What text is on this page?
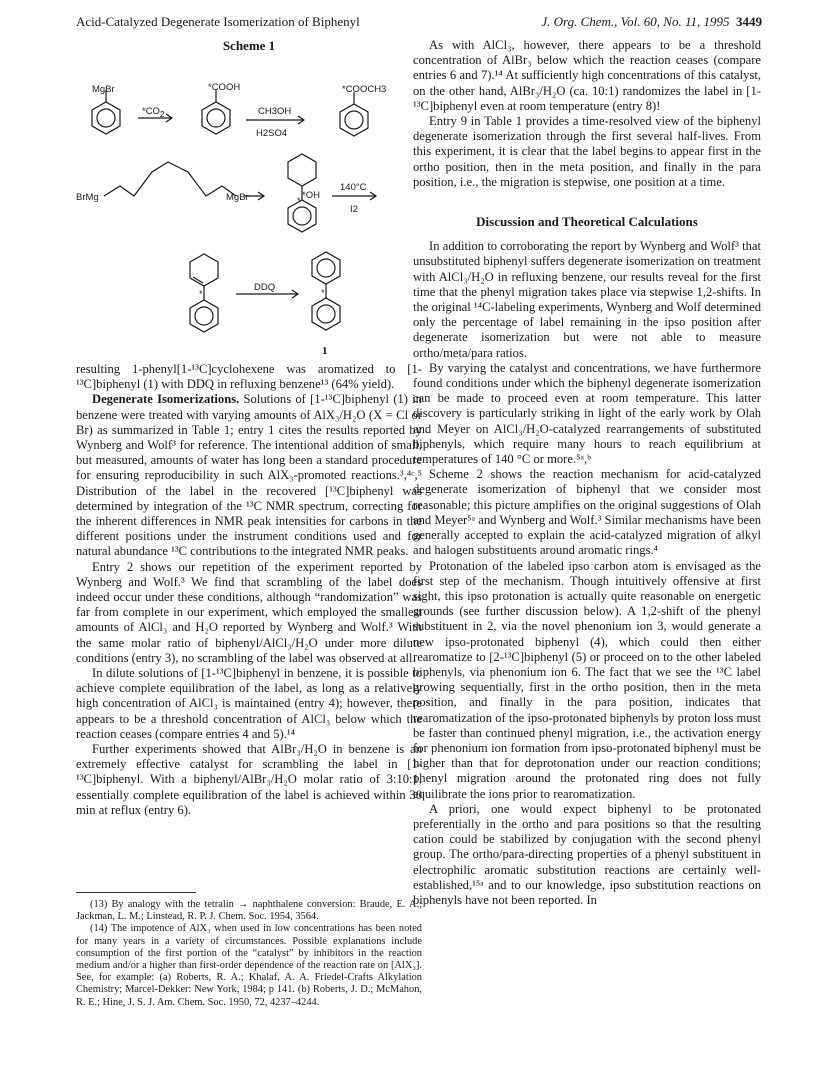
Acid-Catalyzed Degenerate Isomerization of Biphenyl	J. Org. Chem., Vol. 60, No. 11, 1995 3449
Scheme 1
*
*	*
MgBr
$*CO_2$
*COOH
CH3OH
H2SO4
*COOCH3
BrMg	MgBr	*OH
140°C
I2
DDQ
1

resulting 1-phenyl[1-¹³C]cyclohexene was aromatized to [1-¹³C]biphenyl (1) with DDQ in refluxing benzene¹³ (64% yield).

Degenerate Isomerizations. Solutions of [1-¹³C]biphenyl (1) in benzene were treated with varying amounts of AlX₃/H₂O (X = Cl or Br) as summarized in Table 1; entry 1 cites the results reported by Wynberg and Wolf³ for reference. The intentional addition of small, but measured, amounts of water has long been a standard procedure for ensuring reproducibility in such AlX₃-promoted reactions.³,⁴ᶜ,⁵ Distribution of the label in the recovered [¹³C]biphenyl was determined by integration of the ¹³C NMR spectrum, correcting for the inherent differences in NMR peak intensities for carbons in the different positions under the instrument conditions used and for natural abundance ¹³C contributions to the integrated NMR peaks.

Entry 2 shows our repetition of the experiment reported by Wynberg and Wolf.³ We find that scrambling of the label does indeed occur under these conditions, although “randomization” was far from complete in our experiment, which employed the smallest amounts of AlCl₃ and H₂O reported by Wynberg and Wolf.³ With the same molar ratio of biphenyl/AlCl₃/H₂O under more dilute conditions (entry 3), no scrambling of the label was observed at all.

In dilute solutions of [1-¹³C]biphenyl in benzene, it is possible to achieve complete equilibration of the label, as long as a relatively high concentration of AlCl₃ is maintained (entry 4); however, there appears to be a threshold concentration of AlCl₃ below which the reaction ceases (compare entries 4 and 5).¹⁴

Further experiments showed that AlBr₃/H₂O in benzene is an extremely effective catalyst for scrambling the label in [1-¹³C]biphenyl. With a biphenyl/AlBr₃/H₂O molar ratio of 3:10:1, essentially complete equilibration of the label is achieved within 30 min at reflux (entry 6).

(13) By analogy with the tetralin → naphthalene conversion: Braude, E. A.; Jackman, L. M.; Linstead, R. P. J. Chem. Soc. 1954, 3564.

(14) The impotence of AlX₃ when used in low concentrations has been noted for many years in a variety of circumstances. Possible explanations include consumption of the first portion of the “catalyst” by inhibitors in the reaction medium and/or a higher than first-order dependence of the reaction rate on [AlX₃]. See, for example: (a) Roberts, R. A.; Khalaf, A. A. Friedel-Crafts Alkylation Chemistry; Marcel-Dekker: New York, 1984; p 141. (b) Roberts, J. D.; McMahon, R. E.; Hine, J. S. J. Am. Chem. Soc. 1950, 72, 4237–4244.

As with AlCl₃, however, there appears to be a threshold concentration of AlBr₃ below which the reaction ceases (compare entries 6 and 7).¹⁴ At sufficiently high concentrations of this catalyst, on the other hand, AlBr₃/H₂O (ca. 10:1) randomizes the label in [1-¹³C]biphenyl even at room temperature (entry 8)!

Entry 9 in Table 1 provides a time-resolved view of the biphenyl degenerate isomerization through the first several half-lives. From this experiment, it is clear that the label begins to appear first in the ortho position, then in the meta position, and finally in the para position, i.e., the migration is stepwise, one position at a time.

Discussion and Theoretical Calculations

In addition to corroborating the report by Wynberg and Wolf³ that unsubstituted biphenyl suffers degenerate isomerization on treatment with AlCl₃/H₂O in refluxing benzene, our results reveal for the first time that the phenyl migration takes place via stepwise 1,2-shifts. In the original ¹⁴C-labeling experiments, Wynberg and Wolf determined only the percentage of label remaining in the ipso position after degenerate isomerization but were not able to measure ortho/meta/para ratios.

By varying the catalyst and concentrations, we have furthermore found conditions under which the biphenyl degenerate isomerization can be made to proceed even at room temperature. This latter discovery is particularly striking in light of the early work by Olah and Meyer on AlCl₃/H₂O-catalyzed rearrangements of substituted biphenyls, which require many hours to reach equilibrium at temperatures of 140 °C or more.⁵ᵃ,ᵇ

Scheme 2 shows the reaction mechanism for acid-catalyzed degenerate isomerization of biphenyl that we consider most reasonable; this picture amplifies on the original suggestions of Olah and Meyer⁵ᵃ and Wynberg and Wolf.³ Similar mechanisms have been generally accepted to explain the acid-catalyzed migration of alkyl and halogen substituents around aromatic rings.⁴

Protonation of the labeled ipso carbon atom is envisaged as the first step of the mechanism. Though intuitively offensive at first sight, this ipso protonation is actually quite reasonable on energetic grounds (see further discussion below). A 1,2-shift of the phenyl substituent in 2, via the novel phenonium ion 3, would generate a new ipso-protonated biphenyl (4), which could then either rearomatize to [2-¹³C]biphenyl (5) or proceed on to the other labeled biphenyls, via phenonium ion 6. The fact that we see the ¹³C label growing sequentially, first in the ortho position, then in the meta position, and finally in the para position, indicates that rearomatization of the ipso-protonated biphenyls by proton loss must be faster than continued phenyl migration, i.e., the activation energy for phenonium ion formation from ipso-protonated biphenyl must be higher than that for deprotonation under our reaction conditions; phenyl migration around the protonated ring does not fully equilibrate the ions prior to rearomatization.

A priori, one would expect biphenyl to be protonated preferentially in the ortho and para positions so that the resulting cation could be stabilized by conjugation with the second phenyl group. The ortho/para-directing properties of a phenyl substituent in electrophilic aromatic substitution reactions are certainly well-established,¹⁵ᵃ and to our knowledge, ipso substitution reactions on biphenyls have not been reported. In
